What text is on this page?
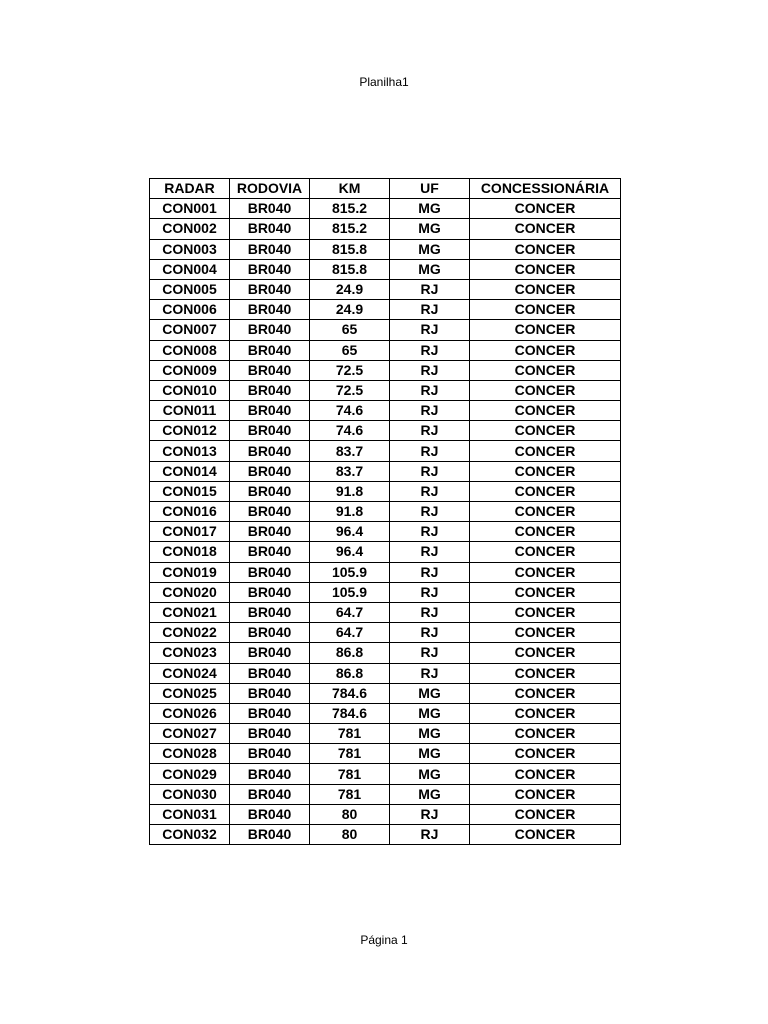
Planilha1
RADAR	RODOVIA	KM	UF	CONCESSIONÁRIA
CON001	BR040	815.2	MG	CONCER
CON002	BR040	815.2	MG	CONCER
CON003	BR040	815.8	MG	CONCER
CON004	BR040	815.8	MG	CONCER
CON005	BR040	24.9	RJ	CONCER
CON006	BR040	24.9	RJ	CONCER
CON007	BR040	65	RJ	CONCER
CON008	BR040	65	RJ	CONCER
CON009	BR040	72.5	RJ	CONCER
CON010	BR040	72.5	RJ	CONCER
CON011	BR040	74.6	RJ	CONCER
CON012	BR040	74.6	RJ	CONCER
CON013	BR040	83.7	RJ	CONCER
CON014	BR040	83.7	RJ	CONCER
CON015	BR040	91.8	RJ	CONCER
CON016	BR040	91.8	RJ	CONCER
CON017	BR040	96.4	RJ	CONCER
CON018	BR040	96.4	RJ	CONCER
CON019	BR040	105.9	RJ	CONCER
CON020	BR040	105.9	RJ	CONCER
CON021	BR040	64.7	RJ	CONCER
CON022	BR040	64.7	RJ	CONCER
CON023	BR040	86.8	RJ	CONCER
CON024	BR040	86.8	RJ	CONCER
CON025	BR040	784.6	MG	CONCER
CON026	BR040	784.6	MG	CONCER
CON027	BR040	781	MG	CONCER
CON028	BR040	781	MG	CONCER
CON029	BR040	781	MG	CONCER
CON030	BR040	781	MG	CONCER
CON031	BR040	80	RJ	CONCER
CON032	BR040	80	RJ	CONCER
Página 1
